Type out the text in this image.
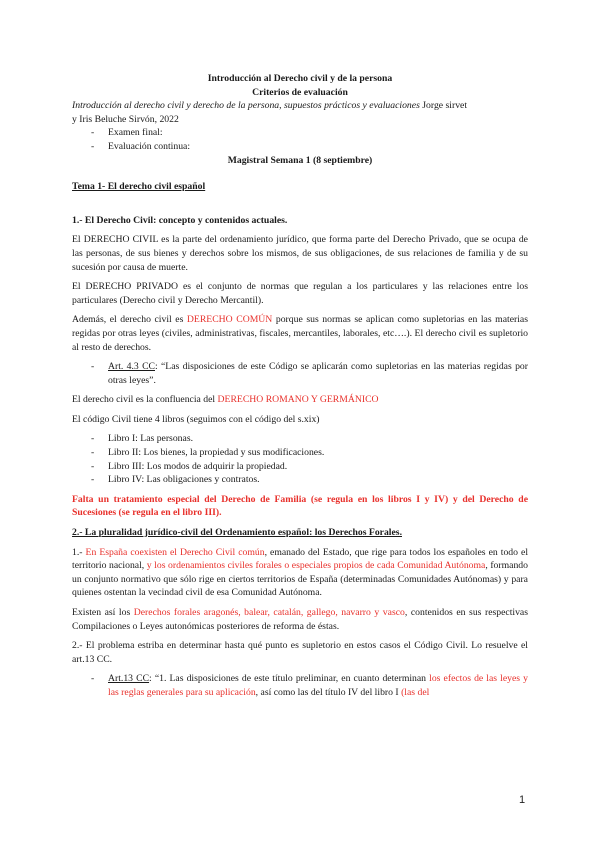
Introducción al Derecho civil y de la persona
Criterios de evaluación
Introducción al derecho civil y derecho de la persona, supuestos prácticos y evaluaciones Jorge sirvet
y Iris Beluche Sirvón, 2022
- Examen final:
- Evaluación continua:
Magistral Semana 1 (8 septiembre)
Tema 1- El derecho civil español
1.- El Derecho Civil: concepto y contenidos actuales.

El DERECHO CIVIL es la parte del ordenamiento jurídico, que forma parte del Derecho Privado, que se ocupa de las personas, de sus bienes y derechos sobre los mismos, de sus obligaciones, de sus relaciones de familia y de su sucesión por causa de muerte.

El DERECHO PRIVADO es el conjunto de normas que regulan a los particulares y las relaciones entre los particulares (Derecho civil y Derecho Mercantil).

Además, el derecho civil es DERECHO COMÚN porque sus normas se aplican como supletorias en las materias regidas por otras leyes (civiles, administrativas, fiscales, mercantiles, laborales, etc….). El derecho civil es supletorio al resto de derechos.

- Art. 4.3 CC: “Las disposiciones de este Código se aplicarán como supletorias en las materias regidas por otras leyes”.

El derecho civil es la confluencia del DERECHO ROMANO Y GERMÁNICO

El código Civil tiene 4 libros (seguimos con el código del s.xix)

- Libro I: Las personas.
- Libro II: Los bienes, la propiedad y sus modificaciones.
- Libro III: Los modos de adquirir la propiedad.
- Libro IV: Las obligaciones y contratos.

Falta un tratamiento especial del Derecho de Familia (se regula en los libros I y IV) y del Derecho de Sucesiones (se regula en el libro III).

2.- La pluralidad jurídico-civil del Ordenamiento español: los Derechos Forales.

1.- En España coexisten el Derecho Civil común, emanado del Estado, que rige para todos los españoles en todo el territorio nacional, y los ordenamientos civiles forales o especiales propios de cada Comunidad Autónoma, formando un conjunto normativo que sólo rige en ciertos territorios de España (determinadas Comunidades Autónomas) y para quienes ostentan la vecindad civil de esa Comunidad Autónoma.

Existen así los Derechos forales aragonés, balear, catalán, gallego, navarro y vasco, contenidos en sus respectivas Compilaciones o Leyes autonómicas posteriores de reforma de éstas.

2.- El problema estriba en determinar hasta qué punto es supletorio en estos casos el Código Civil. Lo resuelve el art.13 CC.

- Art.13 CC: “1. Las disposiciones de este título preliminar, en cuanto determinan los efectos de las leyes y las reglas generales para su aplicación, así como las del título IV del libro I (las del
1
